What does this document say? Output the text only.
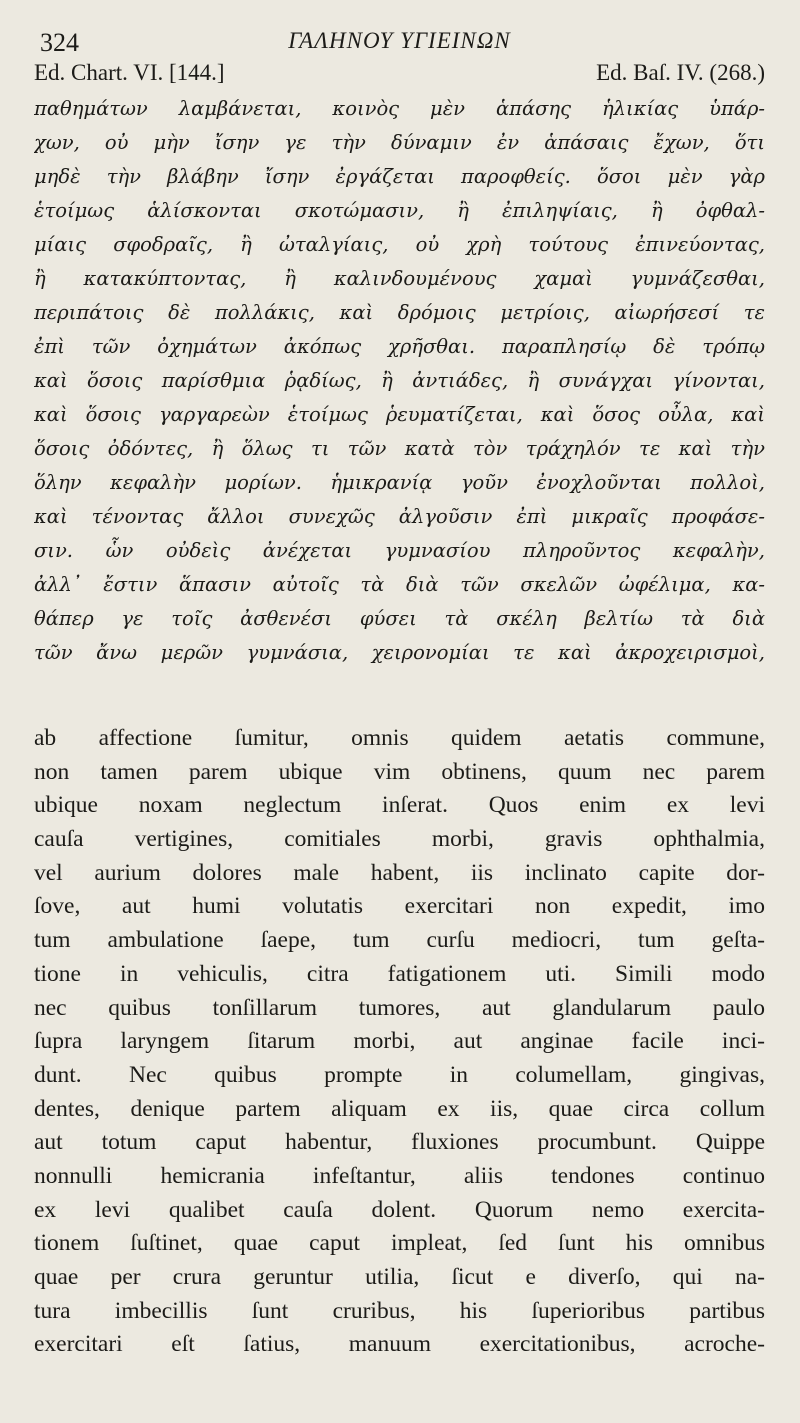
324	ΓΑΛΗΝΟΥ ΥΓΙΕΙΝΩΝ
Ed. Chart. VI. [144.]	Ed. Baſ. IV. (268.)
παθημάτων λαμβάνεται, κοινὸς μὲν ἁπάσης ἡλικίας ὑπάρ-
χων, οὐ μὴν ἴσην γε τὴν δύναμιν ἐν ἁπάσαις ἔχων, ὅτι
μηδὲ τὴν βλάβην ἴσην ἐργάζεται παροφθείς. ὅσοι μὲν γὰρ
ἑτοίμως ἁλίσκονται σκοτώμασιν, ἢ ἐπιληψίαις, ἢ ὀφθαλ-
μίαις σφοδραῖς, ἢ ὠταλγίαις, οὐ χρὴ τούτους ἐπινεύοντας,
ἢ κατακύπτοντας, ἢ καλινδουμένους χαμαὶ γυμνάζεσθαι,
περιπάτοις δὲ πολλάκις, καὶ δρόμοις μετρίοις, αἰωρήσεσί τε
ἐπὶ τῶν ὀχημάτων ἀκόπως χρῆσθαι. παραπλησίῳ δὲ τρόπῳ
καὶ ὅσοις παρίσθμια ῥᾳδίως, ἢ ἀντιάδες, ἢ συνάγχαι γίνονται,
καὶ ὅσοις γαργαρεὼν ἑτοίμως ῥευματίζεται, καὶ ὅσος οὖλα, καὶ
ὅσοις ὀδόντες, ἢ ὅλως τι τῶν κατὰ τὸν τράχηλόν τε καὶ τὴν
ὅλην κεφαλὴν μορίων. ἡμικρανίᾳ γοῦν ἐνοχλοῦνται πολλοὶ,
καὶ τένοντας ἄλλοι συνεχῶς ἀλγοῦσιν ἐπὶ μικραῖς προφάσε-
σιν. ὧν οὐδεὶς ἀνέχεται γυμνασίου πληροῦντος κεφαλὴν,
ἀλλ᾽ ἔστιν ἅπασιν αὐτοῖς τὰ διὰ τῶν σκελῶν ὠφέλιμα, κα-
θάπερ γε τοῖς ἀσθενέσι φύσει τὰ σκέλη βελτίω τὰ διὰ
τῶν ἄνω μερῶν γυμνάσια, χειρονομίαι τε καὶ ἀκροχειρισμοὶ,
ab affectione ſumitur, omnis quidem aetatis commune,
non tamen parem ubique vim obtinens, quum nec parem
ubique noxam neglectum inſerat. Quos enim ex levi
cauſa vertigines, comitiales morbi, gravis ophthalmia,
vel aurium dolores male habent, iis inclinato capite dor-
ſove, aut humi volutatis exercitari non expedit, imo
tum ambulatione ſaepe, tum curſu mediocri, tum geſta-
tione in vehiculis, citra fatigationem uti. Simili modo
nec quibus tonſillarum tumores, aut glandularum paulo
ſupra laryngem ſitarum morbi, aut anginae facile inci-
dunt. Nec quibus prompte in columellam, gingivas,
dentes, denique partem aliquam ex iis, quae circa collum
aut totum caput habentur, fluxiones procumbunt. Quippe
nonnulli hemicrania infeſtantur, aliis tendones continuo
ex levi qualibet cauſa dolent. Quorum nemo exercita-
tionem ſuſtinet, quae caput impleat, ſed ſunt his omnibus
quae per crura geruntur utilia, ſicut e diverſo, qui na-
tura imbecillis ſunt cruribus, his ſuperioribus partibus
exercitari eſt ſatius, manuum exercitationibus, acroche-
